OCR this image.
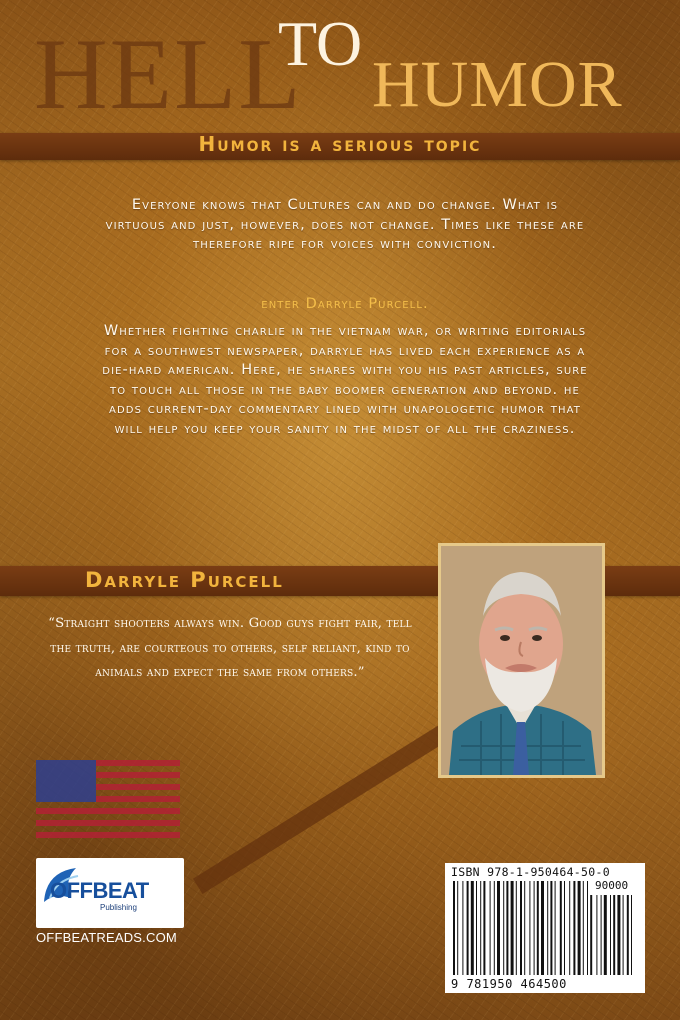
HELL
TO
HUMOR
Humor is a serious topic

Everyone knows that Cultures can and do change. What is virtuous and just, however, does not change. Times like these are therefore ripe for voices with conviction.

enter Darryle Purcell.

Whether fighting charlie in the vietnam war, or writing editorials for a southwest newspaper, darryle has lived each experience as a die-hard american. Here, he shares with you his past articles, sure to touch all those in the baby boomer generation and beyond. he adds current-day commentary lined with unapologetic humor that will help you keep your sanity in the midst of all the craziness.

Darryle Purcell

“Straight shooters always win. Good guys fight fair, tell the truth, are courteous to others, self reliant, kind to animals and expect the same from others.”

OFFBEAT
Publishing
OFFBEATREADS.COM
ISBN 978-1-950464-50-0
90000
9 781950 464500
